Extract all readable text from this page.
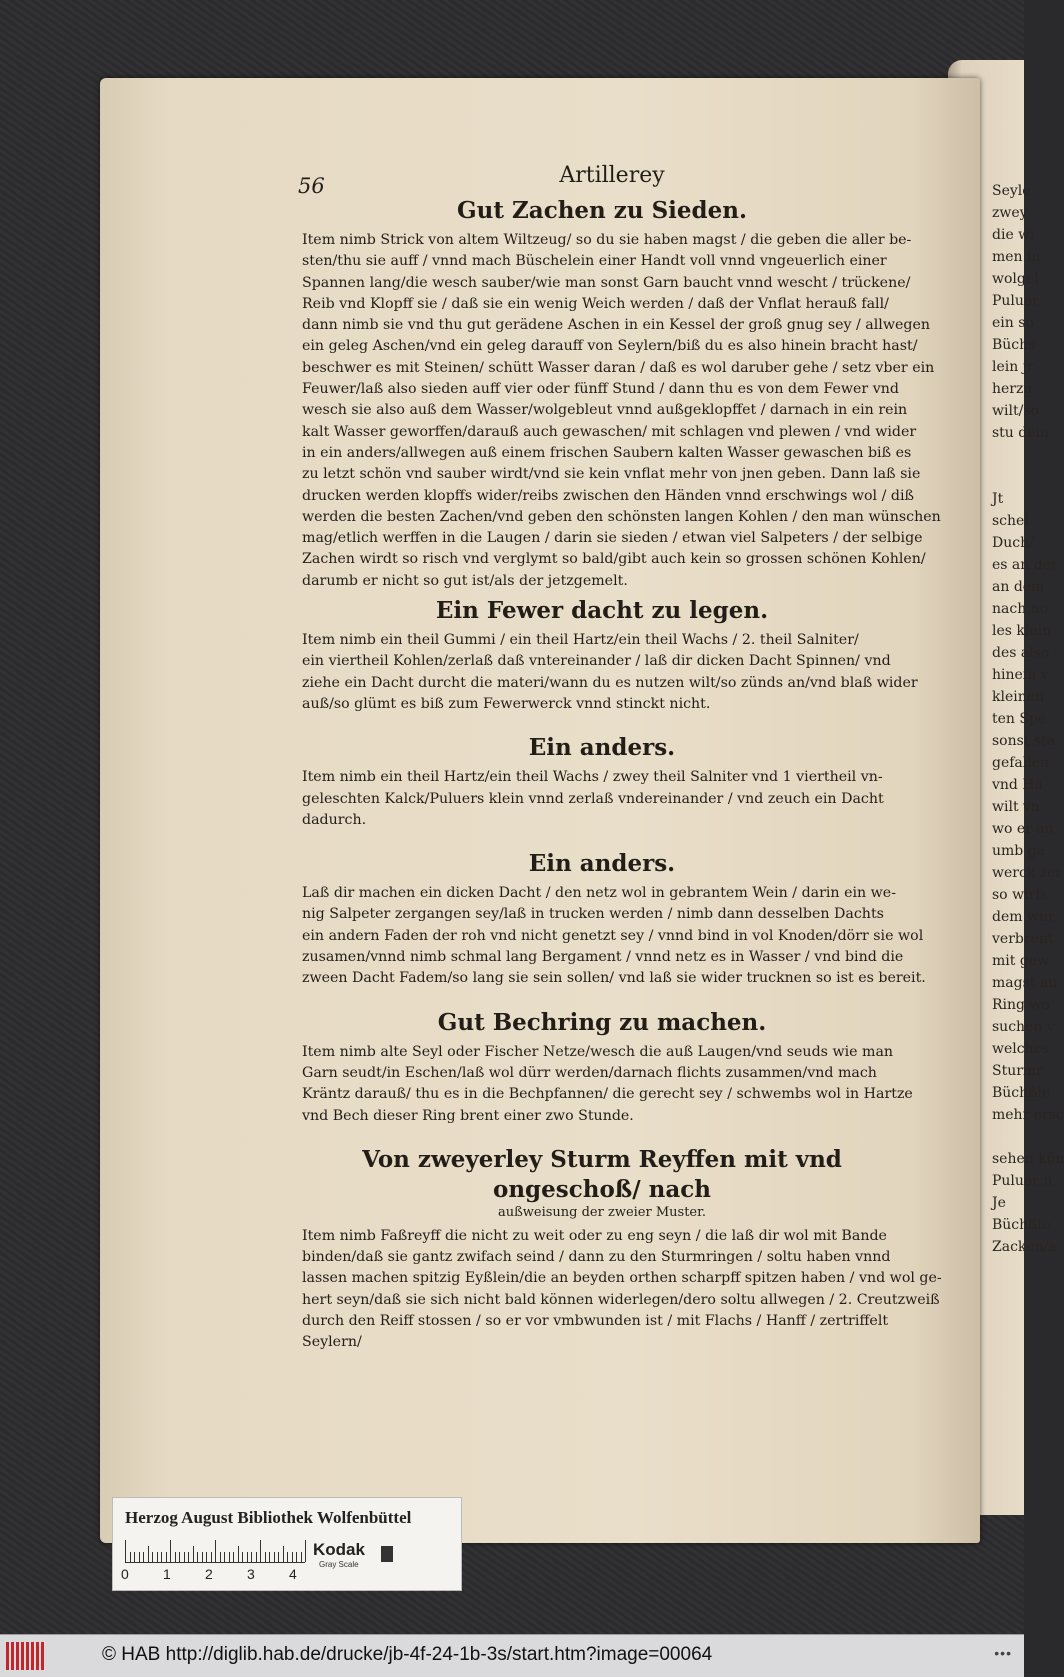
Seyle
zwey
die wi
men in
wolgel
Puluer
ein so
Büchs
lein jr
herzu
wilt/so
stu dein
Jt
schel
Duch/
es an der
an dem
nach no
les klein
des also
hinein v
kleinen
ten Spe
sonst sta
gefallen
vnd Ha
wilt vn
wo er an
umb ga
werck zer
so wirfs
dem wur
verbrent
mit gew
magst au
Ring wo
suchen v
welches
Sturmr
Büchßle
mehr ersc
sehen kön
Puluer n
Je
Büchßle
Zacken/a
56	Artillerey
Gut Zachen zu Sieden.

Item nimb Strick von altem Wiltzeug/ so du sie haben magst / die geben die aller be-

sten/thu sie auff / vnnd mach Büschelein einer Handt voll vnnd vngeuerlich einer

Spannen lang/die wesch sauber/wie man sonst Garn baucht vnnd wescht / trückene/

Reib vnd Klopff sie / daß sie ein wenig Weich werden / daß der Vnflat herauß fall/

dann nimb sie vnd thu gut gerädene Aschen in ein Kessel der groß gnug sey / allwegen

ein geleg Aschen/vnd ein geleg darauff von Seylern/biß du es also hinein bracht hast/

beschwer es mit Steinen/ schütt Wasser daran / daß es wol daruber gehe / setz vber ein

Feuwer/laß also sieden auff vier oder fünff Stund / dann thu es von dem Fewer vnd

wesch sie also auß dem Wasser/wolgebleut vnnd außgeklopffet / darnach in ein rein

kalt Wasser geworffen/darauß auch gewaschen/ mit schlagen vnd plewen / vnd wider

in ein anders/allwegen auß einem frischen Saubern kalten Wasser gewaschen biß es

zu letzt schön vnd sauber wirdt/vnd sie kein vnflat mehr von jnen geben. Dann laß sie

drucken werden klopffs wider/reibs zwischen den Händen vnnd erschwings wol / diß

werden die besten Zachen/vnd geben den schönsten langen Kohlen / den man wünschen

mag/etlich werffen in die Laugen / darin sie sieden / etwan viel Salpeters / der selbige

Zachen wirdt so risch vnd verglymt so bald/gibt auch kein so grossen schönen Kohlen/

darumb er nicht so gut ist/als der jetzgemelt.

Ein Fewer dacht zu legen.

Item nimb ein theil Gummi / ein theil Hartz/ein theil Wachs / 2. theil Salniter/

ein viertheil Kohlen/zerlaß daß vntereinander / laß dir dicken Dacht Spinnen/ vnd

ziehe ein Dacht durcht die materi/wann du es nutzen wilt/so zünds an/vnd blaß wider

auß/so glümt es biß zum Fewerwerck vnnd stinckt nicht.

Ein anders.

Item nimb ein theil Hartz/ein theil Wachs / zwey theil Salniter vnd 1 viertheil vn-

geleschten Kalck/Puluers klein vnnd zerlaß vndereinander / vnd zeuch ein Dacht

dadurch.

Ein anders.

Laß dir machen ein dicken Dacht / den netz wol in gebrantem Wein / darin ein we-

nig Salpeter zergangen sey/laß in trucken werden / nimb dann desselben Dachts

ein andern Faden der roh vnd nicht genetzt sey / vnnd bind in vol Knoden/dörr sie wol

zusamen/vnnd nimb schmal lang Bergament / vnnd netz es in Wasser / vnd bind die

zween Dacht Fadem/so lang sie sein sollen/ vnd laß sie wider trucknen so ist es bereit.

Gut Bechring zu machen.

Item nimb alte Seyl oder Fischer Netze/wesch die auß Laugen/vnd seuds wie man

Garn seudt/in Eschen/laß wol dürr werden/darnach flichts zusammen/vnd mach

Kräntz darauß/ thu es in die Bechpfannen/ die gerecht sey / schwembs wol in Hartze

vnd Bech dieser Ring brent einer zwo Stunde.

Von zweyerley Sturm Reyffen mit vnd ongeschoß/ nach
außweisung der zweier Muster.

Item nimb Faßreyff die nicht zu weit oder zu eng seyn / die laß dir wol mit Bande

binden/daß sie gantz zwifach seind / dann zu den Sturmringen / soltu haben vnnd

lassen machen spitzig Eyßlein/die an beyden orthen scharpff spitzen haben / vnd wol ge-

hert seyn/daß sie sich nicht bald können widerlegen/dero soltu allwegen / 2. Creutzweiß

durch den Reiff stossen / so er vor vmbwunden ist / mit Flachs / Hanff / zertriffelt

Seylern/

Herzog August Bibliothek Wolfenbüttel
0 1 2 3 4
Kodak
Gray Scale
© HAB http://diglib.hab.de/drucke/jb-4f-24-1b-3s/start.htm?image=00064	•••
